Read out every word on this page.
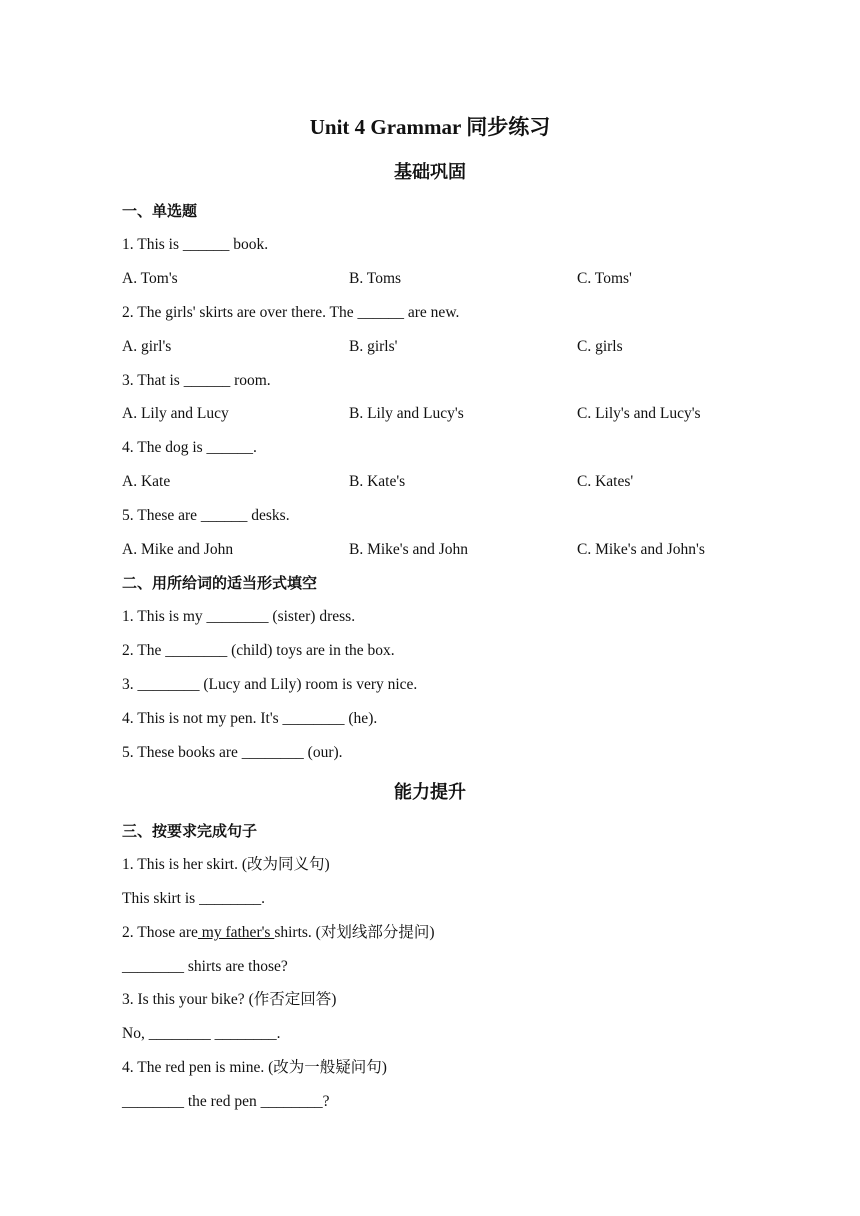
Unit 4 Grammar 同步练习
基础巩固
一、单选题
1. This is ______ book.
A. Tom's	B. Toms	C. Toms'
2. The girls' skirts are over there. The ______ are new.
A. girl's	B. girls'	C. girls
3. That is ______ room.
A. Lily and Lucy	B. Lily and Lucy's	C. Lily's and Lucy's
4. The dog is ______.
A. Kate	B. Kate's	C. Kates'
5. These are ______ desks.
A. Mike and John	B. Mike's and John	C. Mike's and John's
二、用所给词的适当形式填空
1. This is my ________ (sister) dress.
2. The ________ (child) toys are in the box.
3. ________ (Lucy and Lily) room is very nice.
4. This is not my pen. It's ________ (he).
5. These books are ________ (our).
能力提升
三、按要求完成句子
1. This is her skirt. (改为同义句)
This skirt is ________.
2. Those are my father's shirts. (对划线部分提问)
________ shirts are those?
3. Is this your bike? (作否定回答)
No, ________ ________.
4. The red pen is mine. (改为一般疑问句)
________ the red pen ________?
